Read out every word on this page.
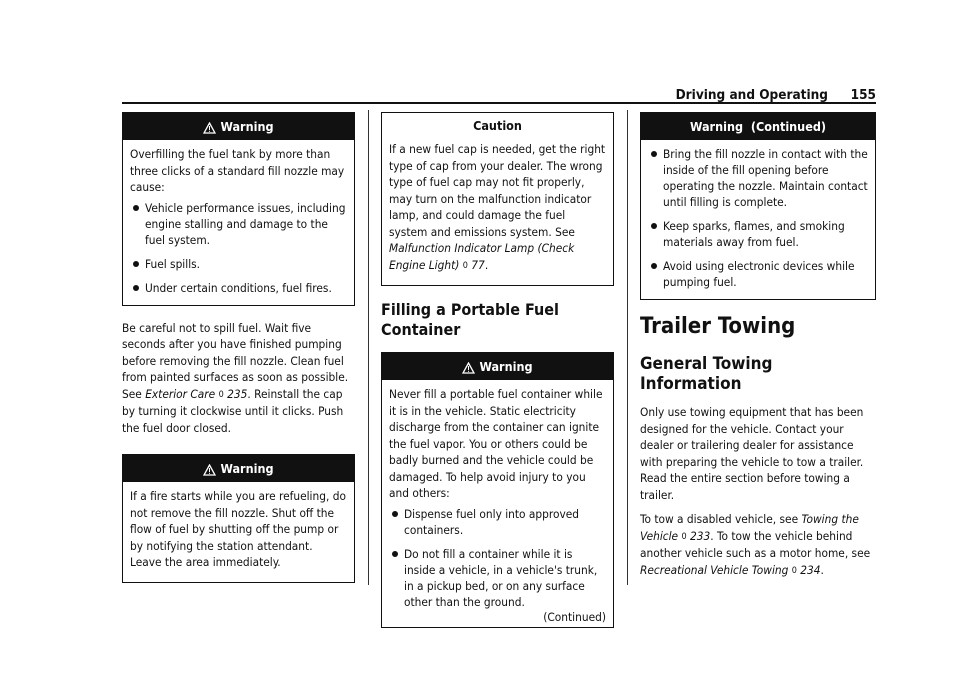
Driving and Operating 155
Warning

Overfilling the fuel tank by more than three clicks of a standard fill nozzle may cause:

Vehicle performance issues, including engine stalling and damage to the fuel system.
Fuel spills.
Under certain conditions, fuel fires.

Be careful not to spill fuel. Wait five seconds after you have finished pumping before removing the fill nozzle. Clean fuel from painted surfaces as soon as possible. See Exterior Care 0 235. Reinstall the cap by turning it clockwise until it clicks. Push the fuel door closed.

Warning

If a fire starts while you are refueling, do not remove the fill nozzle. Shut off the flow of fuel by shutting off the pump or by notifying the station attendant. Leave the area immediately.

Caution

If a new fuel cap is needed, get the right type of cap from your dealer. The wrong type of fuel cap may not fit properly, may turn on the malfunction indicator lamp, and could damage the fuel system and emissions system. See Malfunction Indicator Lamp (Check Engine Light) 0 77.

Filling a Portable Fuel Container
Warning

Never fill a portable fuel container while it is in the vehicle. Static electricity discharge from the container can ignite the fuel vapor. You or others could be badly burned and the vehicle could be damaged. To help avoid injury to you and others:

Dispense fuel only into approved containers.
Do not fill a container while it is inside a vehicle, in a vehicle's trunk, in a pickup bed, or on any surface other than the ground.
(Continued)
Warning  (Continued)
Bring the fill nozzle in contact with the inside of the fill opening before operating the nozzle. Maintain contact until filling is complete.
Keep sparks, flames, and smoking materials away from fuel.
Avoid using electronic devices while pumping fuel.
Trailer Towing
General Towing Information

Only use towing equipment that has been designed for the vehicle. Contact your dealer or trailering dealer for assistance with preparing the vehicle to tow a trailer. Read the entire section before towing a trailer.

To tow a disabled vehicle, see Towing the Vehicle 0 233. To tow the vehicle behind another vehicle such as a motor home, see Recreational Vehicle Towing 0 234.
